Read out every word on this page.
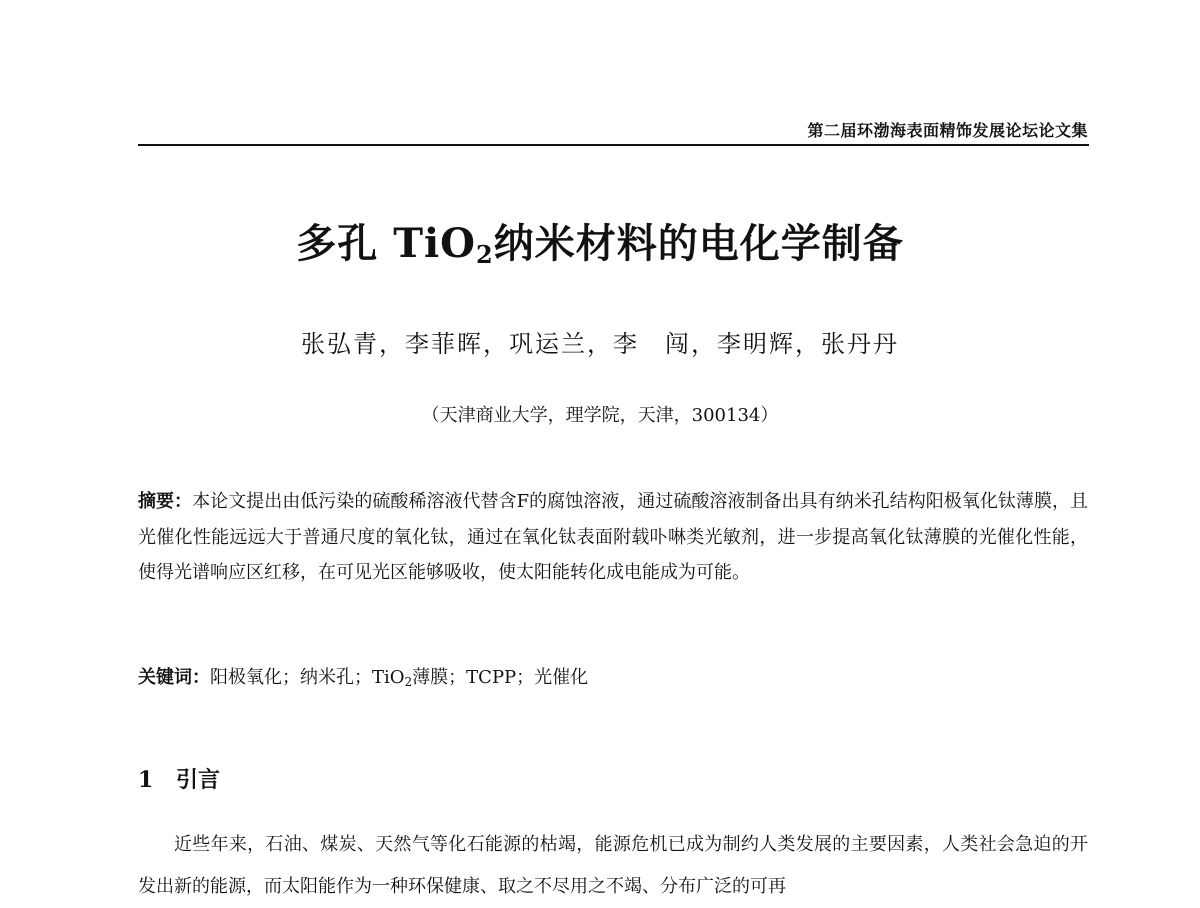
第二届环渤海表面精饰发展论坛论文集
多孔 TiO$_2$纳米材料的电化学制备
张弘青，李菲晖，巩运兰，李　闯，李明辉，张丹丹
（天津商业大学，理学院，天津，300134）
摘要：本论文提出由低污染的硫酸稀溶液代替含F的腐蚀溶液，通过硫酸溶液制备出具有纳米孔结构阳极氧化钛薄膜，且光催化性能远远大于普通尺度的氧化钛，通过在氧化钛表面附载卟啉类光敏剂，进一步提高氧化钛薄膜的光催化性能，使得光谱响应区红移，在可见光区能够吸收，使太阳能转化成电能成为可能。
关键词：阳极氧化；纳米孔；TiO$_2$薄膜；TCPP；光催化
1 引言
近些年来，石油、煤炭、天然气等化石能源的枯竭，能源危机已成为制约人类发展的主要因素，人类社会急迫的开发出新的能源，而太阳能作为一种环保健康、取之不尽用之不竭、分布广泛的可再
